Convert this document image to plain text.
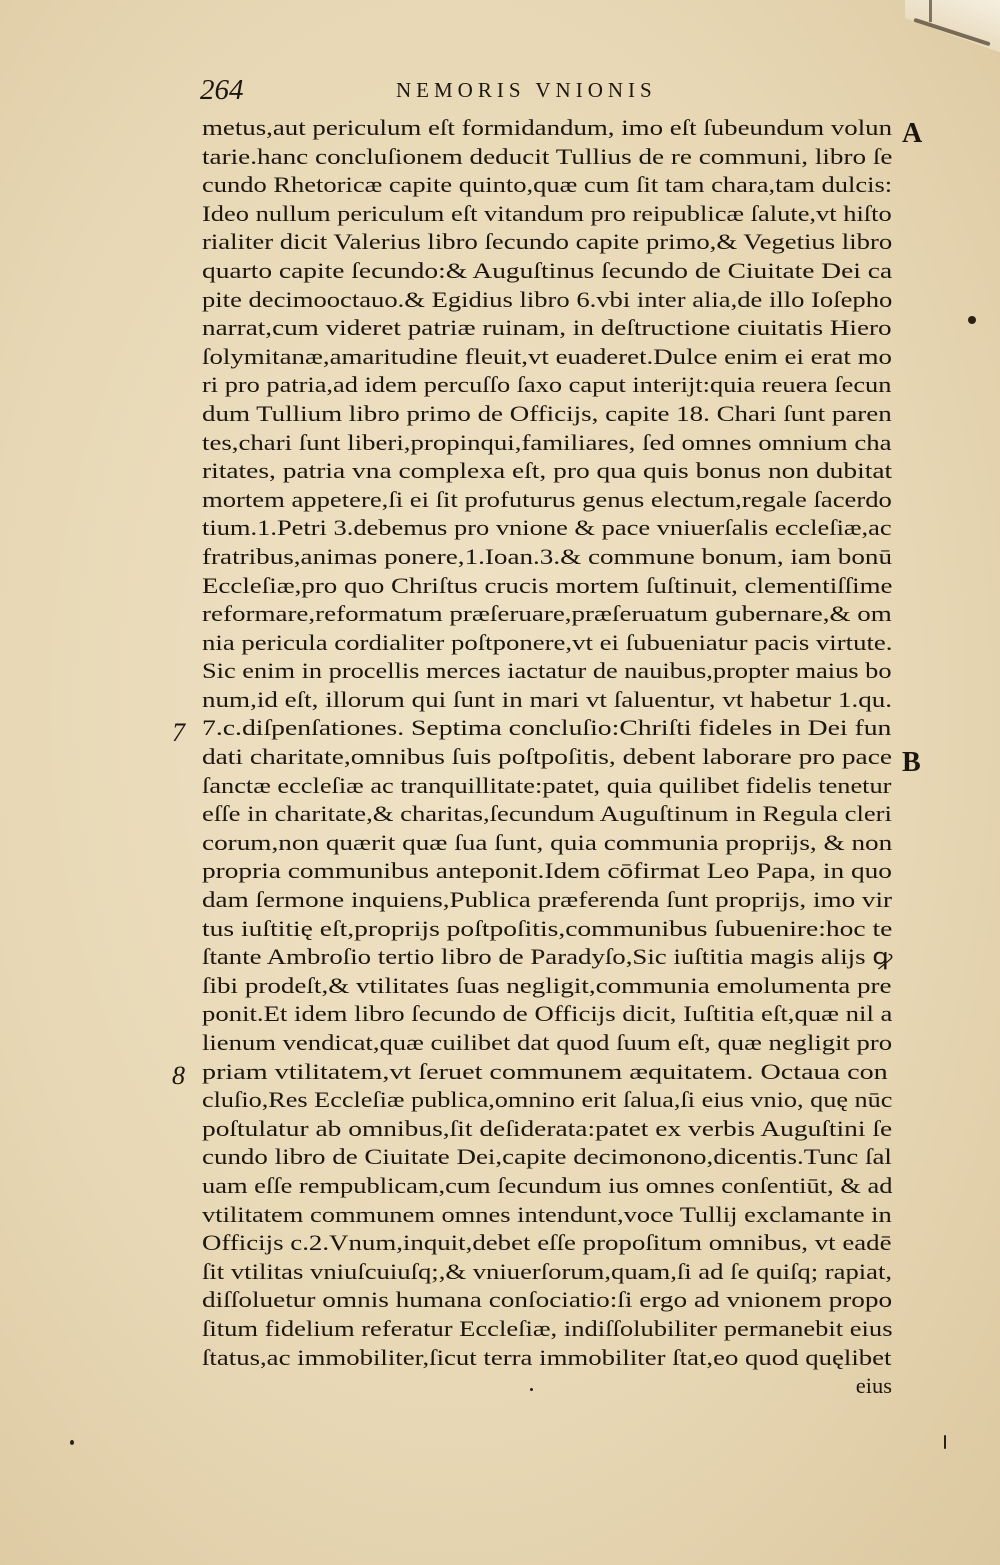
264	NEMORIS VNIONIS
A
B
7
8
metus,aut periculum eſt formidandum, imo eſt ſubeundum volun
tarie.hanc concluſionem deducit Tullius de re communi, libro ſe
cundo Rhetoricæ capite quinto,quæ cum ſit tam chara,tam dulcis:
Ideo nullum periculum eſt vitandum pro reipublicæ ſalute,vt hiſto
rialiter dicit Valerius libro ſecundo capite primo,& Vegetius libro
quarto capite ſecundo:& Auguſtinus ſecundo de Ciuitate Dei ca
pite decimooctauo.& Egidius libro 6.vbi inter alia,de illo Ioſepho
narrat,cum videret patriæ ruinam, in deſtructione ciuitatis Hiero
ſolymitanæ,amaritudine fleuit,vt euaderet.Dulce enim ei erat mo
ri pro patria,ad idem percuſſo ſaxo caput interijt:quia reuera ſecun
dum Tullium libro primo de Officijs, capite 18. Chari ſunt paren
tes,chari ſunt liberi,propinqui,familiares, ſed omnes omnium cha
ritates, patria vna complexa eſt, pro qua quis bonus non dubitat
mortem appetere,ſi ei ſit profuturus genus electum,regale ſacerdo
tium.1.Petri 3.debemus pro vnione & pace vniuerſalis eccleſiæ,ac
fratribus,animas ponere,1.Ioan.3.& commune bonum, iam bonū
Eccleſiæ,pro quo Chriſtus crucis mortem ſuſtinuit, clementiſſime
reformare,reformatum præſeruare,præſeruatum gubernare,& om
nia pericula cordialiter poſtponere,vt ei ſubueniatur pacis virtute.
Sic enim in procellis merces iactatur de nauibus,propter maius bo
num,id eſt, illorum qui ſunt in mari vt ſaluentur, vt habetur 1.qu.
7.c.diſpenſationes. Septima concluſio:Chriſti fideles in Dei fun
dati charitate,omnibus ſuis poſtpoſitis, debent laborare pro pace
ſanctæ eccleſiæ ac tranquillitate:patet, quia quilibet fidelis tenetur
eſſe in charitate,& charitas,ſecundum Auguſtinum in Regula cleri
corum,non quærit quæ ſua ſunt, quia communia proprijs, & non
propria communibus anteponit.Idem cōfirmat Leo Papa, in quo
dam ſermone inquiens,Publica præferenda ſunt proprijs, imo vir
tus iuſtitię eſt,proprijs poſtpoſitis,communibus ſubuenire:hoc te
ſtante Ambroſio tertio libro de Paradyſo,Sic iuſtitia magis alijs ꝙ
ſibi prodeſt,& vtilitates ſuas negligit,communia emolumenta pre
ponit.Et idem libro ſecundo de Officijs dicit, Iuſtitia eſt,quæ nil a
lienum vendicat,quæ cuilibet dat quod ſuum eſt, quæ negligit pro
priam vtilitatem,vt ſeruet communem æquitatem. Octaua con
cluſio,Res Eccleſiæ publica,omnino erit ſalua,ſi eius vnio, quę nūc
poſtulatur ab omnibus,ſit deſiderata:patet ex verbis Auguſtini ſe
cundo libro de Ciuitate Dei,capite decimonono,dicentis.Tunc ſal
uam eſſe rempublicam,cum ſecundum ius omnes conſentiūt, & ad
vtilitatem communem omnes intendunt,voce Tullij exclamante in
Officijs c.2.Vnum,inquit,debet eſſe propoſitum omnibus, vt eadē
ſit vtilitas vniuſcuiuſq;,& vniuerſorum,quam,ſi ad ſe quiſq; rapiat,
diſſoluetur omnis humana conſociatio:ſi ergo ad vnionem propo
ſitum fidelium referatur Eccleſiæ, indiſſolubiliter permanebit eius
ſtatus,ac immobiliter,ſicut terra immobiliter ſtat,eo quod quęlibet
eius
